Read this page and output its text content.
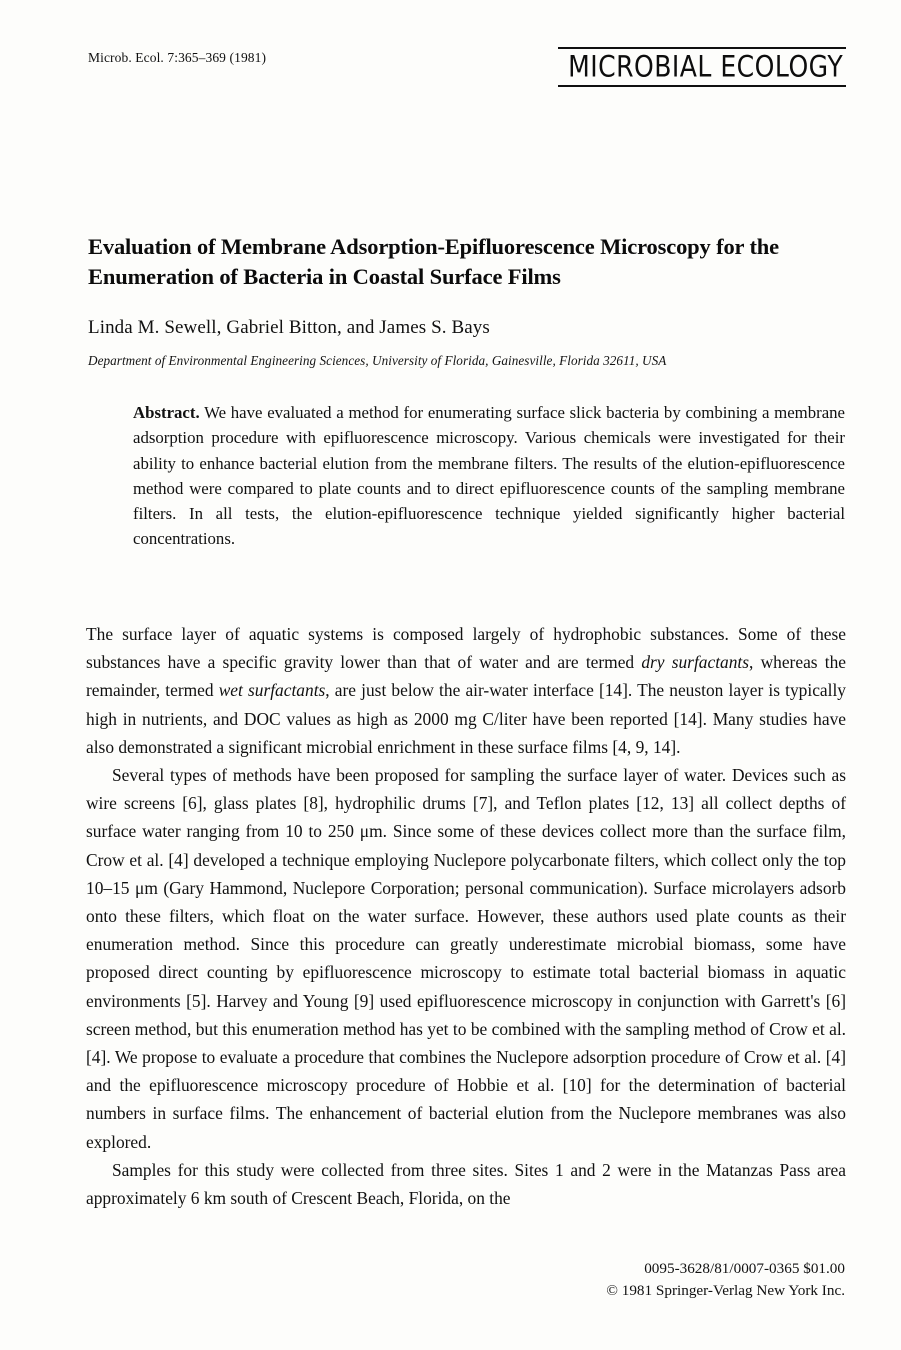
Microb. Ecol. 7:365–369 (1981)	MICROBIAL ECOLOGY
Evaluation of Membrane Adsorption-Epifluorescence Microscopy for the Enumeration of Bacteria in Coastal Surface Films
Linda M. Sewell, Gabriel Bitton, and James S. Bays
Department of Environmental Engineering Sciences, University of Florida, Gainesville, Florida 32611, USA
Abstract. We have evaluated a method for enumerating surface slick bacteria by combining a membrane adsorption procedure with epifluorescence microscopy. Various chemicals were investigated for their ability to enhance bacterial elution from the membrane filters. The results of the elution-epifluorescence method were compared to plate counts and to direct epifluorescence counts of the sampling membrane filters. In all tests, the elution-epifluorescence technique yielded significantly higher bacterial concentrations.

The surface layer of aquatic systems is composed largely of hydrophobic substances. Some of these substances have a specific gravity lower than that of water and are termed dry surfactants, whereas the remainder, termed wet surfactants, are just below the air-water interface [14]. The neuston layer is typically high in nutrients, and DOC values as high as 2000 mg C/liter have been reported [14]. Many studies have also demonstrated a significant microbial enrichment in these surface films [4, 9, 14].

Several types of methods have been proposed for sampling the surface layer of water. Devices such as wire screens [6], glass plates [8], hydrophilic drums [7], and Teflon plates [12, 13] all collect depths of surface water ranging from 10 to 250 μm. Since some of these devices collect more than the surface film, Crow et al. [4] developed a technique employing Nuclepore polycarbonate filters, which collect only the top 10–15 μm (Gary Hammond, Nuclepore Corporation; personal communication). Surface microlayers adsorb onto these filters, which float on the water surface. However, these authors used plate counts as their enumeration method. Since this procedure can greatly underestimate microbial biomass, some have proposed direct counting by epifluorescence microscopy to estimate total bacterial biomass in aquatic environments [5]. Harvey and Young [9] used epifluorescence microscopy in conjunction with Garrett's [6] screen method, but this enumeration method has yet to be combined with the sampling method of Crow et al. [4]. We propose to evaluate a procedure that combines the Nuclepore adsorption procedure of Crow et al. [4] and the epifluorescence microscopy procedure of Hobbie et al. [10] for the determination of bacterial numbers in surface films. The enhancement of bacterial elution from the Nuclepore membranes was also explored.

Samples for this study were collected from three sites. Sites 1 and 2 were in the Matanzas Pass area approximately 6 km south of Crescent Beach, Florida, on the

0095-3628/81/0007-0365 $01.00
© 1981 Springer-Verlag New York Inc.
